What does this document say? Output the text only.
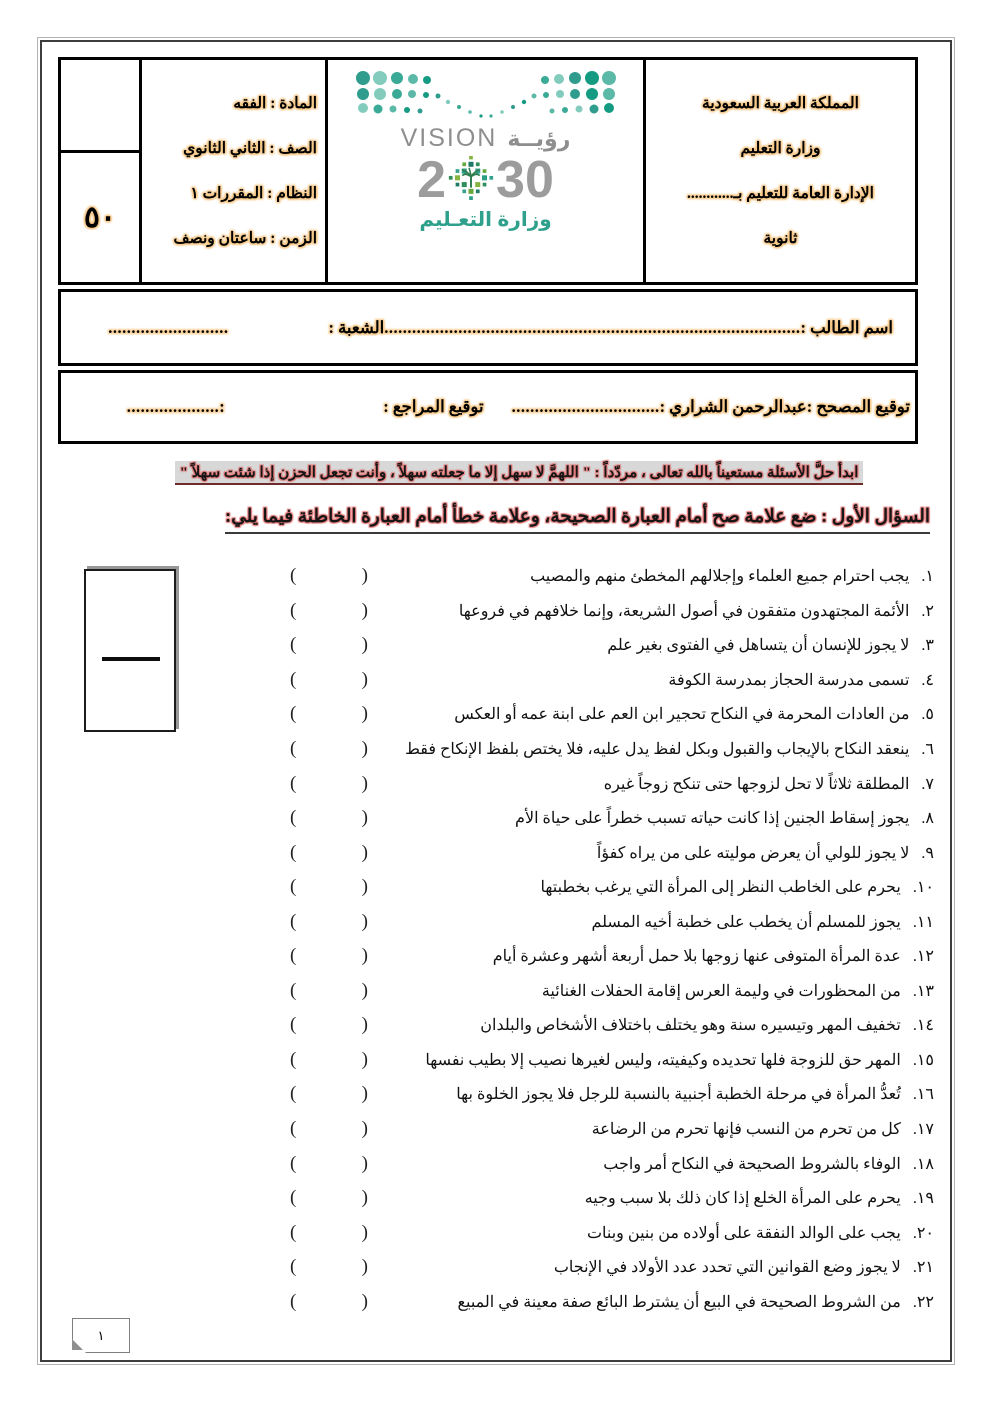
٥٠
المادة : الفقه
الصف : الثاني الثانوي
النظام : المقررات ١
الزمن : ساعتان ونصف
VISION رؤيــة
2 30
وزارة التعـليم
المملكة العربية السعودية
وزارة التعليم
الإدارة العامة للتعليم بـ............
ثانوية
اسم الطالب :
..........................................................................................
الشعبة :
..........................
توقيع المصحح :
عبدالرحمن الشراري :
................................
توقيع المراجع :
....................:
ابدأ حلَّ الأسئلة مستعيناً بالله تعالى ، مردّداً : " اللهمَّ لا سهل إلا ما جعلته سهلاً ، وأنت تجعل الحزن إذا شئت سهلاً "
السؤال الأول : ضع علامة صح أمام العبارة الصحيحة، وعلامة خطأ أمام العبارة الخاطئة فيما يلي:
(	)	١.يجب احترام جميع العلماء وإجلالهم المخطئ منهم والمصيب
(	)	٢.الأئمة المجتهدون متفقون في أصول الشريعة، وإنما خلافهم في فروعها
(	)	٣.لا يجوز للإنسان أن يتساهل في الفتوى بغير علم
(	)	٤.تسمى مدرسة الحجاز بمدرسة الكوفة
(	)	٥.من العادات المحرمة في النكاح تحجير ابن العم على ابنة عمه أو العكس
(	)	٦.ينعقد النكاح بالإيجاب والقبول وبكل لفظ يدل عليه، فلا يختص بلفظ الإنكاح فقط
(	)	٧.المطلقة ثلاثاً لا تحل لزوجها حتى تنكح زوجاً غيره
(	)	٨.يجوز إسقاط الجنين إذا كانت حياته تسبب خطراً على حياة الأم
(	)	٩.لا يجوز للولي أن يعرض موليته على من يراه كفؤاً
(	)	١٠.يحرم على الخاطب النظر إلى المرأة التي يرغب بخطبتها
(	)	١١.يجوز للمسلم أن يخطب على خطبة أخيه المسلم
(	)	١٢.عدة المرأة المتوفى عنها زوجها بلا حمل أربعة أشهر وعشرة أيام
(	)	١٣.من المحظورات في وليمة العرس إقامة الحفلات الغنائية
(	)	١٤.تخفيف المهر وتيسيره سنة وهو يختلف باختلاف الأشخاص والبلدان
(	)	١٥.المهر حق للزوجة فلها تحديده وكيفيته، وليس لغيرها نصيب إلا بطيب نفسها
(	)	١٦.تُعدُّ المرأة في مرحلة الخطبة أجنبية بالنسبة للرجل فلا يجوز الخلوة بها
(	)	١٧.كل من تحرم من النسب فإنها تحرم من الرضاعة
(	)	١٨.الوفاء بالشروط الصحيحة في النكاح أمر واجب
(	)	١٩.يحرم على المرأة الخلع إذا كان ذلك بلا سبب وجيه
(	)	٢٠.يجب على الوالد النفقة على أولاده من بنين وبنات
(	)	٢١.لا يجوز وضع القوانين التي تحدد عدد الأولاد في الإنجاب
(	)	٢٢.من الشروط الصحيحة في البيع أن يشترط البائع صفة معينة في المبيع
١
